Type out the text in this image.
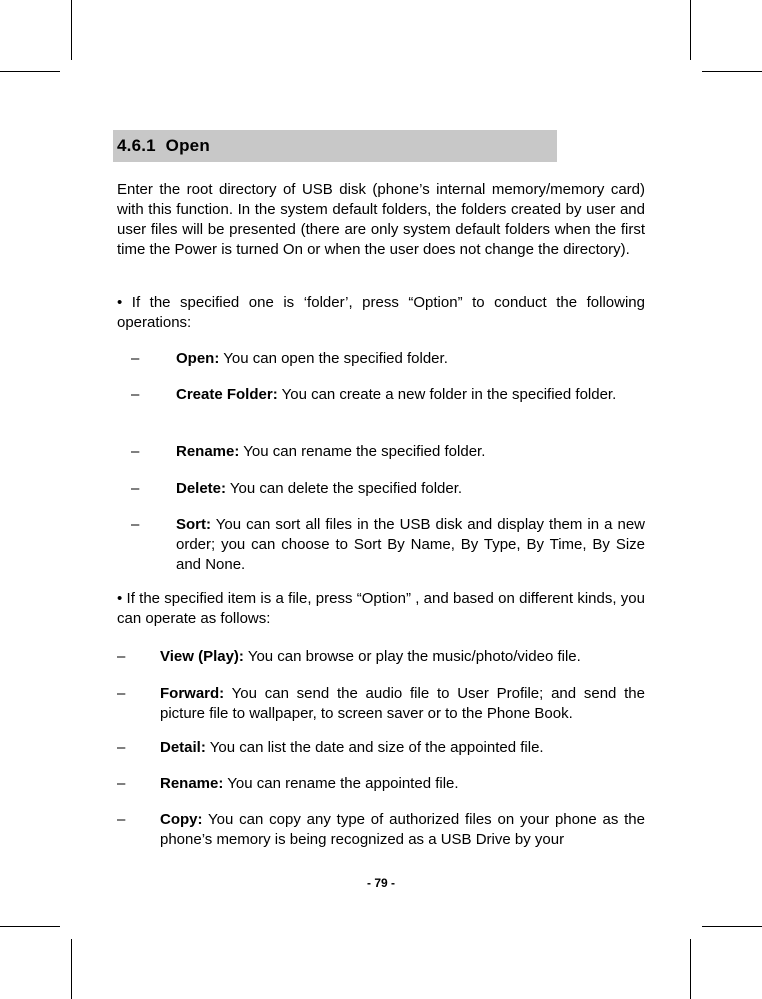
4.6.1 Open
Enter the root directory of USB disk (phone’s internal memory/memory card) with this function. In the system default folders, the folders created by user and user files will be presented (there are only system default folders when the first time the Power is turned On or when the user does not change the directory).
• If the specified one is ‘folder’, press “Option” to conduct the following operations:
– Open: You can open the specified folder.
– Create Folder: You can create a new folder in the specified folder.
– Rename: You can rename the specified folder.
– Delete: You can delete the specified folder.
– Sort: You can sort all files in the USB disk and display them in a new order; you can choose to Sort By Name, By Type, By Time, By Size and None.
• If the specified item is a file, press “Option” , and based on different kinds, you can operate as follows:
– View (Play): You can browse or play the music/photo/video file.
– Forward: You can send the audio file to User Profile; and send the picture file to wallpaper, to screen saver or to the Phone Book.
– Detail: You can list the date and size of the appointed file.
– Rename: You can rename the appointed file.
– Copy: You can copy any type of authorized files on your phone as the phone’s memory is being recognized as a USB Drive by your
- 79 -
